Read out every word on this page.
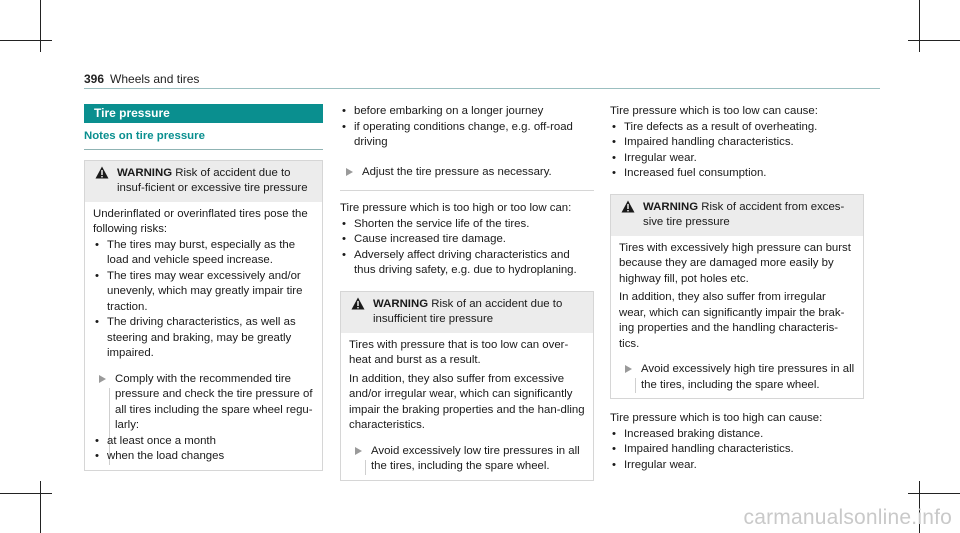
396 Wheels and tires
Tire pressure
Notes on tire pressure
WARNING Risk of accident due to insuf-ficient or excessive tire pressure

Underinflated or overinflated tires pose the following risks:

• The tires may burst, especially as the load and vehicle speed increase.
• The tires may wear excessively and/or unevenly, which may greatly impair tire traction.
• The driving characteristics, as well as steering and braking, may be greatly impaired.

Comply with the recommended tire pressure and check the tire pressure of all tires including the spare wheel regu-larly:

• at least once a month
• when the load changes
• before embarking on a longer journey
• if operating conditions change, e.g. off-road driving

Adjust the tire pressure as necessary.

Tire pressure which is too high or too low can:

• Shorten the service life of the tires.
• Cause increased tire damage.
• Adversely affect driving characteristics and thus driving safety, e.g. due to hydroplaning.
WARNING Risk of an accident due to insufficient tire pressure

Tires with pressure that is too low can over-heat and burst as a result.

In addition, they also suffer from excessive and/or irregular wear, which can significantly impair the braking properties and the han-dling characteristics.

Avoid excessively low tire pressures in all the tires, including the spare wheel.

Tire pressure which is too low can cause:

• Tire defects as a result of overheating.
• Impaired handling characteristics.
• Irregular wear.
• Increased fuel consumption.
WARNING Risk of accident from exces-sive tire pressure

Tires with excessively high pressure can burst because they are damaged more easily by highway fill, pot holes etc.

In addition, they also suffer from irregular wear, which can significantly impair the brak-ing properties and the handling characteris-tics.

Avoid excessively high tire pressures in all the tires, including the spare wheel.

Tire pressure which is too high can cause:

• Increased braking distance.
• Impaired handling characteristics.
• Irregular wear.
carmanualsonline.info
